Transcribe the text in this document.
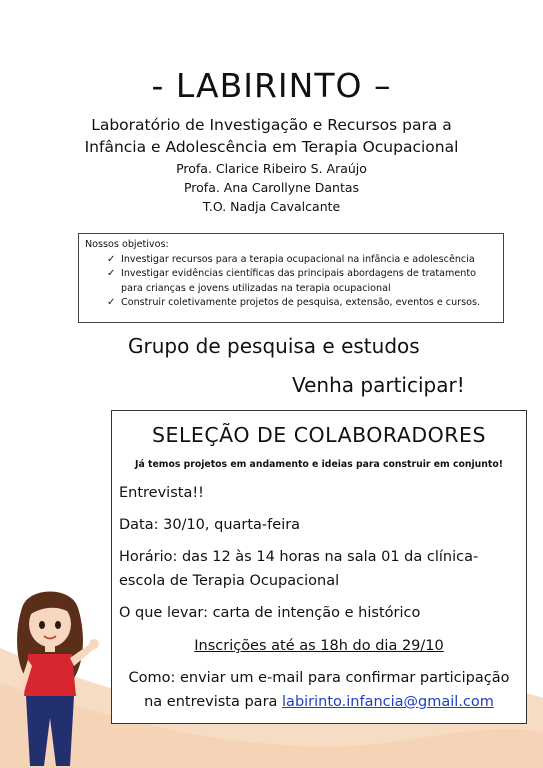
- LABIRINTO –
Laboratório de Investigação e Recursos para a
Infância e Adolescência em Terapia Ocupacional
Profa. Clarice Ribeiro S. Araújo
Profa. Ana Carollyne Dantas
T.O. Nadja Cavalcante
Nossos objetivos:
✓ Investigar recursos para a terapia ocupacional na infância e adolescência
✓ Investigar evidências científicas das principais abordagens de tratamento
para crianças e jovens utilizadas na terapia ocupacional
✓ Construir coletivamente projetos de pesquisa, extensão, eventos e cursos.
Grupo de pesquisa e estudos
Venha participar!
SELEÇÃO DE COLABORADORES
Já temos projetos em andamento e ideias para construir em conjunto!
Entrevista!!
Data: 30/10, quarta-feira
Horário: das 12 às 14 horas na sala 01 da clínica-
escola de Terapia Ocupacional
O que levar: carta de intenção e histórico
Inscrições até as 18h do dia 29/10
Como: enviar um e-mail para confirmar participação
na entrevista para labirinto.infancia@gmail.com
